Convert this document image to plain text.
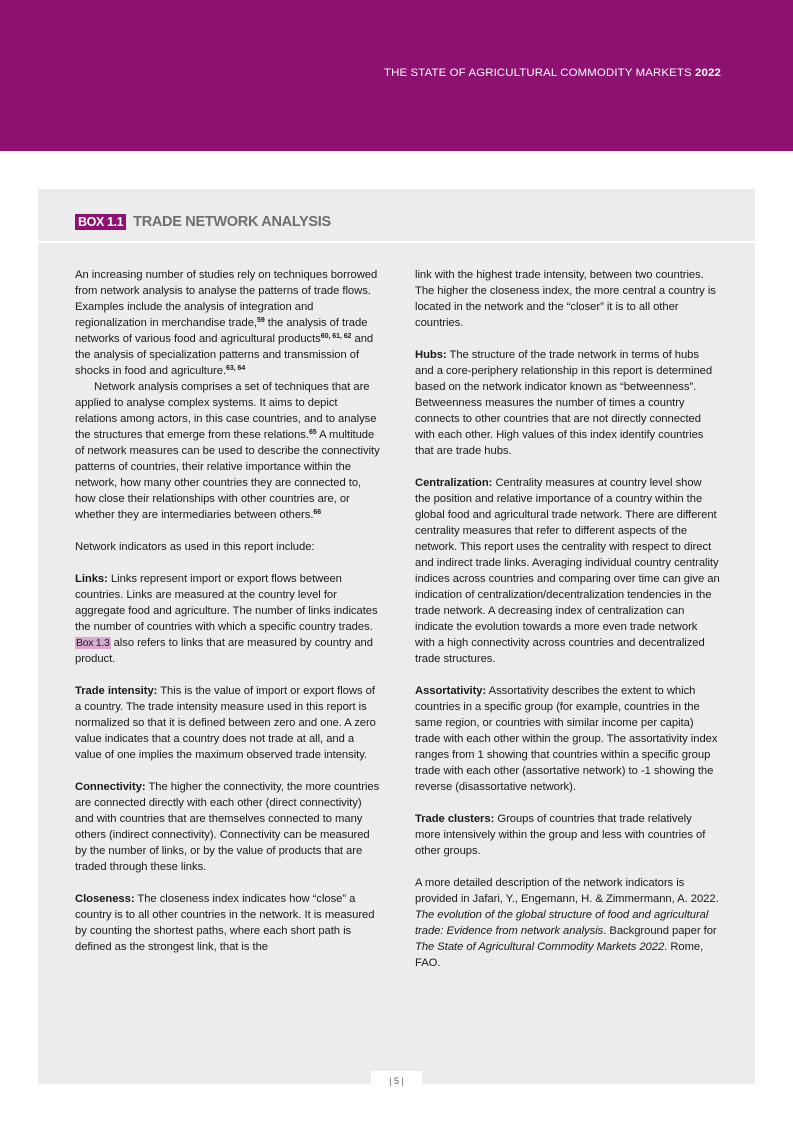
THE STATE OF AGRICULTURAL COMMODITY MARKETS 2022
BOX 1.1 TRADE NETWORK ANALYSIS

An increasing number of studies rely on techniques borrowed from network analysis to analyse the patterns of trade flows. Examples include the analysis of integration and regionalization in merchandise trade,$^{59}$ the analysis of trade networks of various food and agricultural products$^{60, 61, 62}$ and the analysis of specialization patterns and transmission of shocks in food and agriculture.$^{63, 64}$

Network analysis comprises a set of techniques that are applied to analyse complex systems. It aims to depict relations among actors, in this case countries, and to analyse the structures that emerge from these relations.$^{65}$ A multitude of network measures can be used to describe the connectivity patterns of countries, their relative importance within the network, how many other countries they are connected to, how close their relationships with other countries are, or whether they are intermediaries between others.$^{66}$

Network indicators as used in this report include:

Links: Links represent import or export flows between countries. Links are measured at the country level for aggregate food and agriculture. The number of links indicates the number of countries with which a specific country trades. Box 1.3 also refers to links that are measured by country and product.

Trade intensity: This is the value of import or export flows of a country. The trade intensity measure used in this report is normalized so that it is defined between zero and one. A zero value indicates that a country does not trade at all, and a value of one implies the maximum observed trade intensity.

Connectivity: The higher the connectivity, the more countries are connected directly with each other (direct connectivity) and with countries that are themselves connected to many others (indirect connectivity). Connectivity can be measured by the number of links, or by the value of products that are traded through these links.

Closeness: The closeness index indicates how “close” a country is to all other countries in the network. It is measured by counting the shortest paths, where each short path is defined as the strongest link, that is the

link with the highest trade intensity, between two countries. The higher the closeness index, the more central a country is located in the network and the “closer” it is to all other countries.

Hubs: The structure of the trade network in terms of hubs and a core-periphery relationship in this report is determined based on the network indicator known as “betweenness”. Betweenness measures the number of times a country connects to other countries that are not directly connected with each other. High values of this index identify countries that are trade hubs.

Centralization: Centrality measures at country level show the position and relative importance of a country within the global food and agricultural trade network. There are different centrality measures that refer to different aspects of the network. This report uses the centrality with respect to direct and indirect trade links. Averaging individual country centrality indices across countries and comparing over time can give an indication of centralization/decentralization tendencies in the trade network. A decreasing index of centralization can indicate the evolution towards a more even trade network with a high connectivity across countries and decentralized trade structures.

Assortativity: Assortativity describes the extent to which countries in a specific group (for example, countries in the same region, or countries with similar income per capita) trade with each other within the group. The assortativity index ranges from 1 showing that countries within a specific group trade with each other (assortative network) to -1 showing the reverse (disassortative network).

Trade clusters: Groups of countries that trade relatively more intensively within the group and less with countries of other groups.

A more detailed description of the network indicators is provided in Jafari, Y., Engemann, H. & Zimmermann, A. 2022. The evolution of the global structure of food and agricultural trade: Evidence from network analysis. Background paper for The State of Agricultural Commodity Markets 2022. Rome, FAO.

| 5 |
